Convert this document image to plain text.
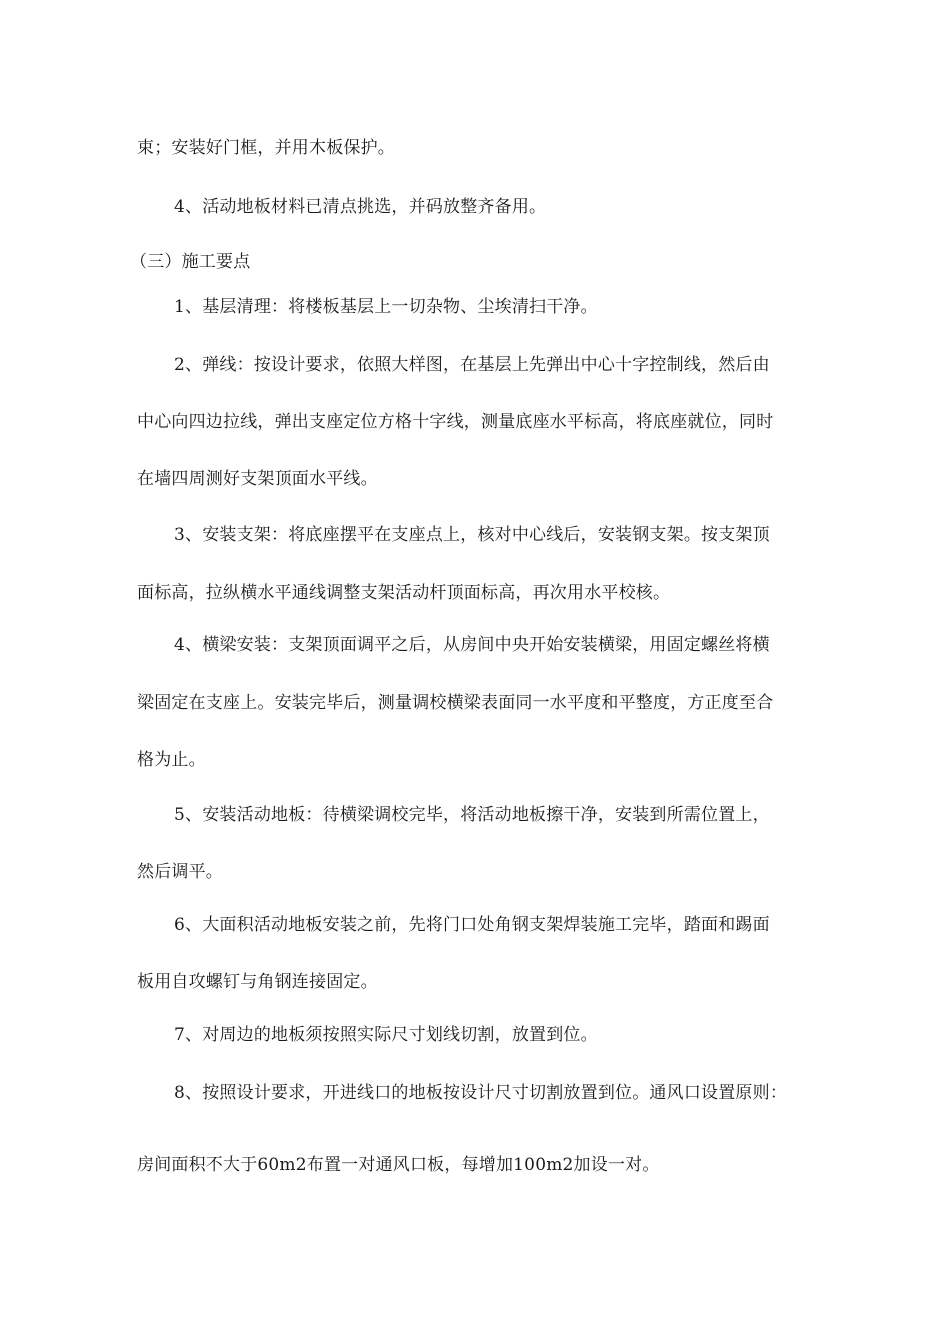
束；安装好门框，并用木板保护。
4、活动地板材料已清点挑选，并码放整齐备用。
（三）施工要点
1、基层清理：将楼板基层上一切杂物、尘埃清扫干净。
2、弹线：按设计要求，依照大样图，在基层上先弹出中心十字控制线，然后由
中心向四边拉线，弹出支座定位方格十字线，测量底座水平标高，将底座就位，同时
在墙四周测好支架顶面水平线。
3、安装支架：将底座摆平在支座点上，核对中心线后，安装钢支架。按支架顶
面标高，拉纵横水平通线调整支架活动杆顶面标高，再次用水平校核。
4、横梁安装：支架顶面调平之后，从房间中央开始安装横梁，用固定螺丝将横
梁固定在支座上。安装完毕后，测量调校横梁表面同一水平度和平整度，方正度至合
格为止。
5、安装活动地板：待横梁调校完毕，将活动地板擦干净，安装到所需位置上，
然后调平。
6、大面积活动地板安装之前，先将门口处角钢支架焊装施工完毕，踏面和踢面
板用自攻螺钉与角钢连接固定。
7、对周边的地板须按照实际尺寸划线切割，放置到位。
8、按照设计要求，开进线口的地板按设计尺寸切割放置到位。通风口设置原则：
房间面积不大于60m2布置一对通风口板，每增加100m2加设一对。
